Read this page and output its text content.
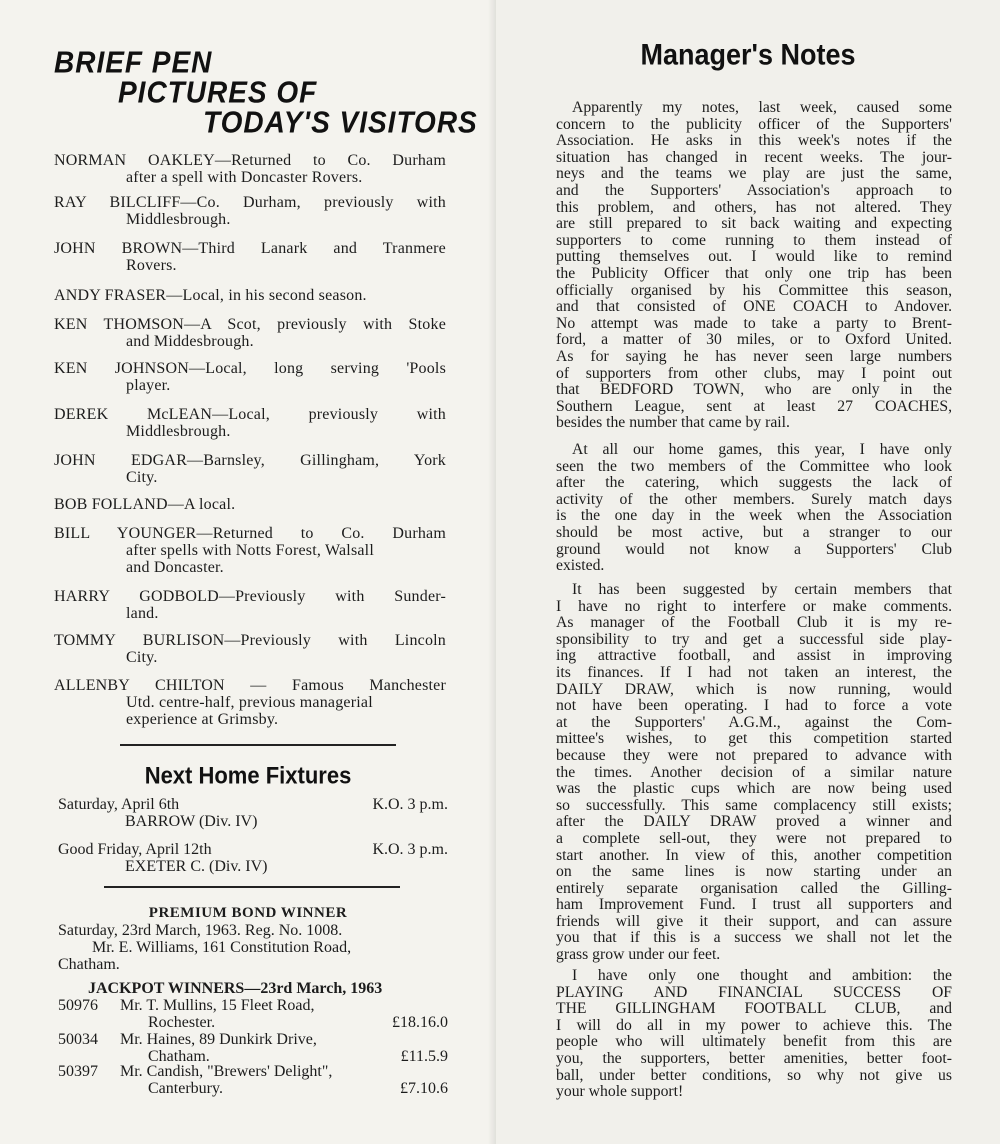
BRIEF PEN
PICTURES OF
TODAY'S VISITORS
NORMAN OAKLEY—Returned to Co. Durham
after a spell with Doncaster Rovers.
RAY BILCLIFF—Co. Durham, previously with
Middlesbrough.
JOHN BROWN—Third Lanark and Tranmere
Rovers.
ANDY FRASER—Local, in his second season.
KEN THOMSON—A Scot, previously with Stoke
and Middesbrough.
KEN JOHNSON—Local, long serving 'Pools
player.
DEREK McLEAN—Local, previously with
Middlesbrough.
JOHN EDGAR—Barnsley, Gillingham, York
City.
BOB FOLLAND—A local.
BILL YOUNGER—Returned to Co. Durham
after spells with Notts Forest, Walsall
and Doncaster.
HARRY GODBOLD—Previously with Sunder-
land.
TOMMY BURLISON—Previously with Lincoln
City.
ALLENBY CHILTON — Famous Manchester
Utd. centre-half, previous managerial
experience at Grimsby.
Next Home Fixtures
Saturday, April 6th	K.O. 3 p.m.
BARROW (Div. IV)
Good Friday, April 12th	K.O. 3 p.m.
EXETER C. (Div. IV)
PREMIUM BOND WINNER
Saturday, 23rd March, 1963. Reg. No. 1008.
Mr. E. Williams, 161 Constitution Road,
Chatham.
JACKPOT WINNERS—23rd March, 1963
50976	Mr. T. Mullins, 15 Fleet Road,
Rochester.	£18.16.0
50034	Mr. Haines, 89 Dunkirk Drive,
Chatham.	£11.5.9
50397	Mr. Candish, "Brewers' Delight",
Canterbury.	£7.10.6
Manager's Notes
Apparently my notes, last week, caused some
concern to the publicity officer of the Supporters'
Association. He asks in this week's notes if the
situation has changed in recent weeks. The jour-
neys and the teams we play are just the same,
and the Supporters' Association's approach to
this problem, and others, has not altered. They
are still prepared to sit back waiting and expecting
supporters to come running to them instead of
putting themselves out. I would like to remind
the Publicity Officer that only one trip has been
officially organised by his Committee this season,
and that consisted of ONE COACH to Andover.
No attempt was made to take a party to Brent-
ford, a matter of 30 miles, or to Oxford United.
As for saying he has never seen large numbers
of supporters from other clubs, may I point out
that BEDFORD TOWN, who are only in the
Southern League, sent at least 27 COACHES,
besides the number that came by rail.
At all our home games, this year, I have only
seen the two members of the Committee who look
after the catering, which suggests the lack of
activity of the other members. Surely match days
is the one day in the week when the Association
should be most active, but a stranger to our
ground would not know a Supporters' Club
existed.
It has been suggested by certain members that
I have no right to interfere or make comments.
As manager of the Football Club it is my re-
sponsibility to try and get a successful side play-
ing attractive football, and assist in improving
its finances. If I had not taken an interest, the
DAILY DRAW, which is now running, would
not have been operating. I had to force a vote
at the Supporters' A.G.M., against the Com-
mittee's wishes, to get this competition started
because they were not prepared to advance with
the times. Another decision of a similar nature
was the plastic cups which are now being used
so successfully. This same complacency still exists;
after the DAILY DRAW proved a winner and
a complete sell-out, they were not prepared to
start another. In view of this, another competition
on the same lines is now starting under an
entirely separate organisation called the Gilling-
ham Improvement Fund. I trust all supporters and
friends will give it their support, and can assure
you that if this is a success we shall not let the
grass grow under our feet.
I have only one thought and ambition: the
PLAYING AND FINANCIAL SUCCESS OF
THE GILLINGHAM FOOTBALL CLUB, and
I will do all in my power to achieve this. The
people who will ultimately benefit from this are
you, the supporters, better amenities, better foot-
ball, under better conditions, so why not give us
your whole support!
